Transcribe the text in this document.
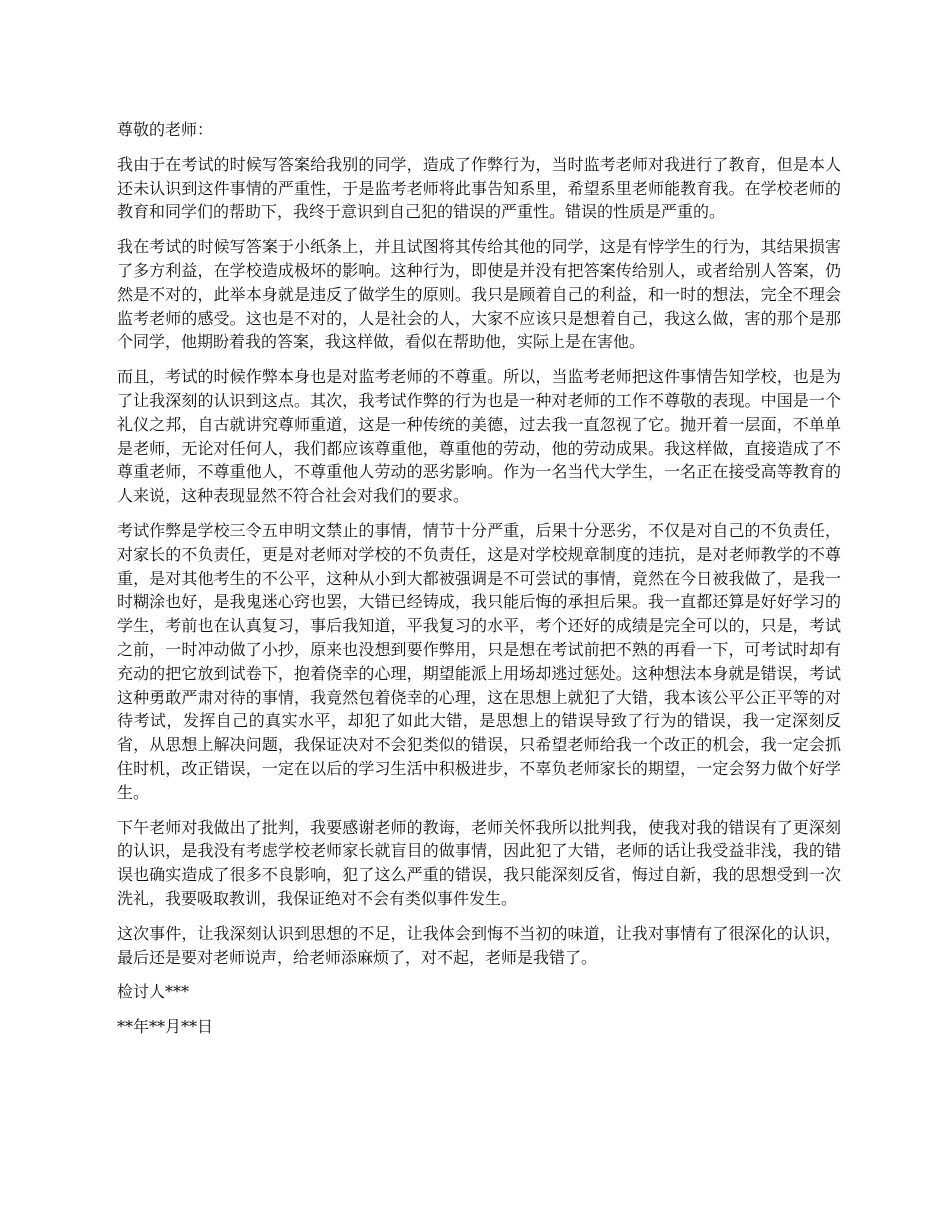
尊敬的老师：

我由于在考试的时候写答案给我别的同学，造成了作弊行为，当时监考老师对我进行了教育，但是本人还未认识到这件事情的严重性，于是监考老师将此事告知系里，希望系里老师能教育我。在学校老师的教育和同学们的帮助下，我终于意识到自己犯的错误的严重性。错误的性质是严重的。

我在考试的时候写答案于小纸条上，并且试图将其传给其他的同学，这是有悖学生的行为，其结果损害了多方利益，在学校造成极坏的影响。这种行为，即使是并没有把答案传给别人，或者给别人答案，仍然是不对的，此举本身就是违反了做学生的原则。我只是顾着自己的利益，和一时的想法，完全不理会监考老师的感受。这也是不对的，人是社会的人，大家不应该只是想着自己，我这么做，害的那个是那个同学，他期盼着我的答案，我这样做，看似在帮助他，实际上是在害他。

而且，考试的时候作弊本身也是对监考老师的不尊重。所以，当监考老师把这件事情告知学校，也是为了让我深刻的认识到这点。其次，我考试作弊的行为也是一种对老师的工作不尊敬的表现。中国是一个礼仪之邦，自古就讲究尊师重道，这是一种传统的美德，过去我一直忽视了它。抛开着一层面，不单单是老师，无论对任何人，我们都应该尊重他，尊重他的劳动，他的劳动成果。我这样做，直接造成了不尊重老师，不尊重他人，不尊重他人劳动的恶劣影响。作为一名当代大学生，一名正在接受高等教育的人来说，这种表现显然不符合社会对我们的要求。

考试作弊是学校三令五申明文禁止的事情，情节十分严重，后果十分恶劣，不仅是对自己的不负责任，对家长的不负责任，更是对老师对学校的不负责任，这是对学校规章制度的违抗，是对老师教学的不尊重，是对其他考生的不公平，这种从小到大都被强调是不可尝试的事情，竟然在今日被我做了，是我一时糊涂也好，是我鬼迷心窍也罢，大错已经铸成，我只能后悔的承担后果。我一直都还算是好好学习的学生，考前也在认真复习，事后我知道，平我复习的水平，考个还好的成绩是完全可以的，只是，考试之前，一时冲动做了小抄，原来也没想到要作弊用，只是想在考试前把不熟的再看一下，可考试时却有充动的把它放到试卷下，抱着侥幸的心理，期望能派上用场却逃过惩处。这种想法本身就是错误，考试这种勇敢严肃对待的事情，我竟然包着侥幸的心理，这在思想上就犯了大错，我本该公平公正平等的对待考试，发挥自己的真实水平，却犯了如此大错，是思想上的错误导致了行为的错误，我一定深刻反省，从思想上解决问题，我保证决对不会犯类似的错误，只希望老师给我一个改正的机会，我一定会抓住时机，改正错误，一定在以后的学习生活中积极进步，不辜负老师家长的期望，一定会努力做个好学生。

下午老师对我做出了批判，我要感谢老师的教诲，老师关怀我所以批判我，使我对我的错误有了更深刻的认识，是我没有考虑学校老师家长就盲目的做事情，因此犯了大错，老师的话让我受益非浅，我的错误也确实造成了很多不良影响，犯了这么严重的错误，我只能深刻反省，悔过自新，我的思想受到一次洗礼，我要吸取教训，我保证绝对不会有类似事件发生。

这次事件，让我深刻认识到思想的不足，让我体会到悔不当初的味道，让我对事情有了很深化的认识，最后还是要对老师说声，给老师添麻烦了，对不起，老师是我错了。

检讨人***

**年**月**日
